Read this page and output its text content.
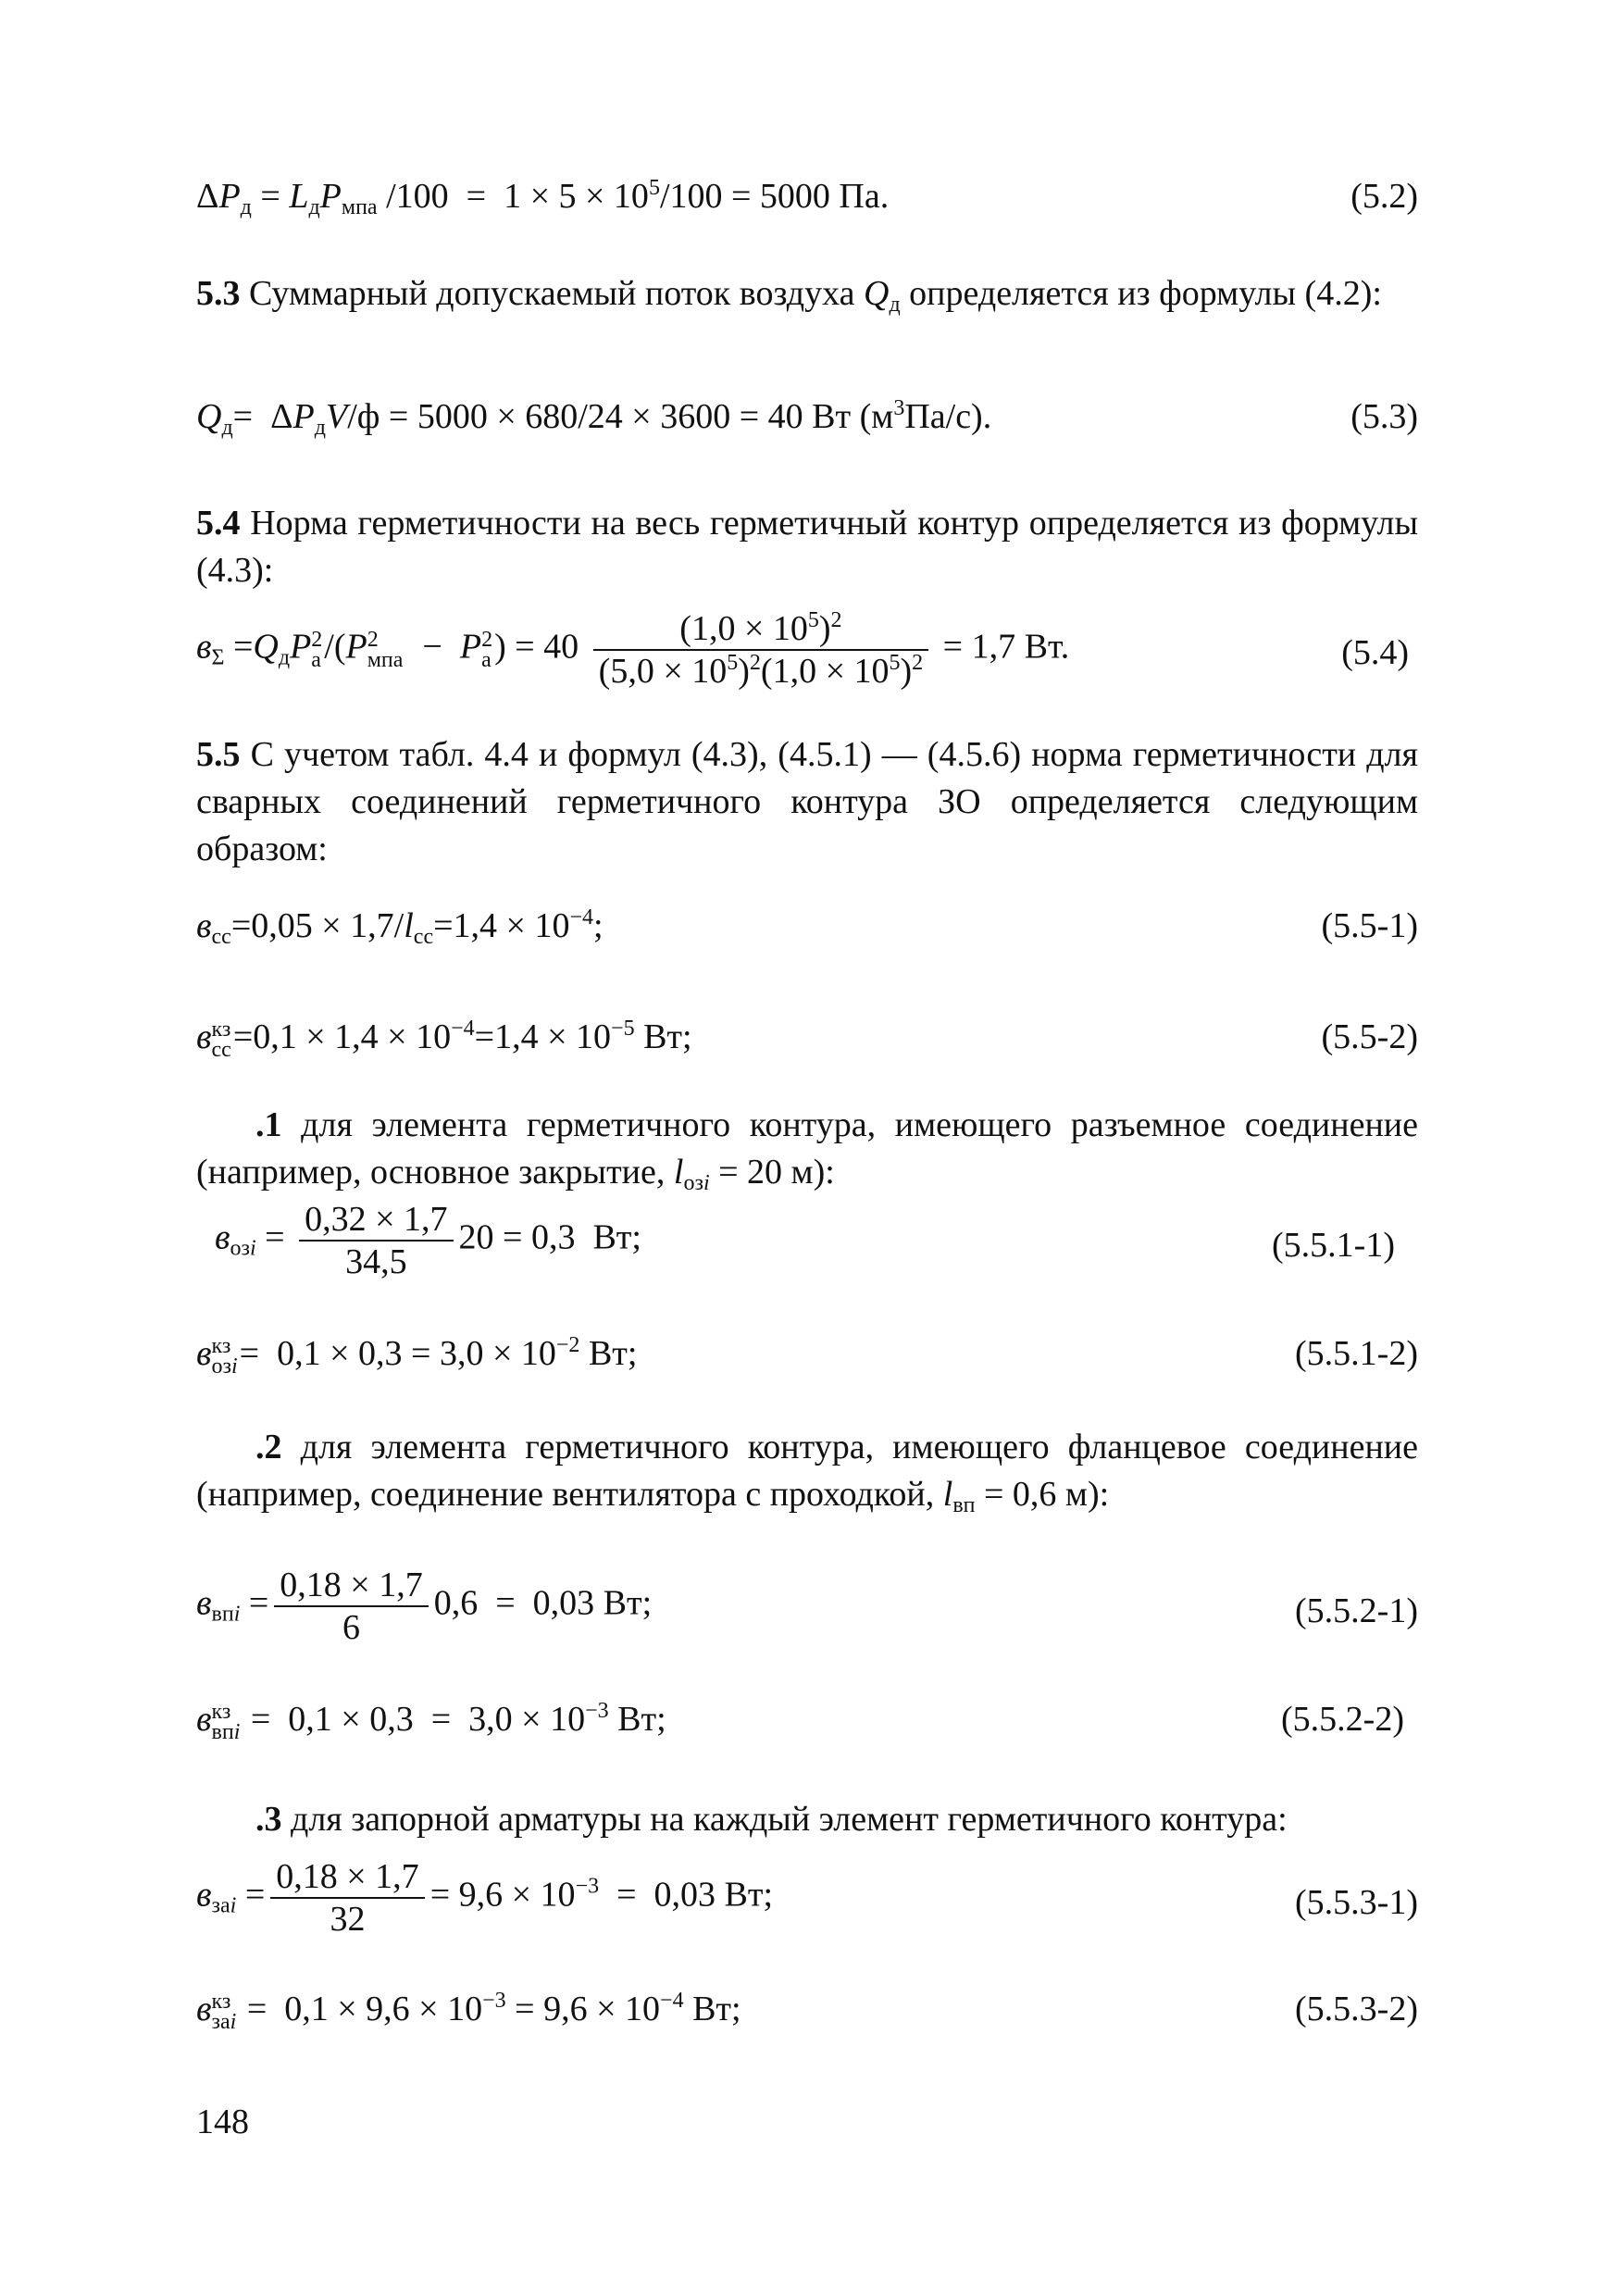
$\Delta P_д = L_дP_{мпа}$ $/100 = 1 \times 5 \times 10^5/100 = 5000$ Па.	(5.2)
5.3 Суммарный допускаемый поток воздуха $Q_д$ определяется из формулы (4.2):
$Q_д= \Delta P_дV/ф = 5000 \times 680/24 \times 3600 = 40$ Вт $(м^3Па/с)$.	(5.3)
5.4 Норма герметичности на весь герметичный контур определяется из формулы (4.3):
$в_\Sigma =Q_дP$ 2
а /(P 2
мпа −  P 2
а ) = $40 \frac{(1,0 \times 10^5)^2}{(5,0 \times 10^5)^2(1,0 \times 10^5)^2} = 1,7$ Вт.	(5.4)
5.5 С учетом табл. 4.4 и формул (4.3), (4.5.1) — (4.5.6) норма герметичности для сварных соединений герметичного контура ЗО определяется следующим образом:
$в_{сс}=0,05 \times 1,7/l_{сс}=1,4 \times 10^{-4}$;	(5.5-1)
в кз
сс $=0,1 \times 1,4 \times 10^{-4}=1,4 \times 10^{-5}$ Вт;	(5.5-2)
.1 для элемента герметичного контура, имеющего разъемное соединение (например, основное закрытие, $l_{озi} = 20$ м):
$в_{озi} = \frac{0,32 \times 1,7}{34,5} 20 = 0,3$  Вт;	(5.5.1-1)
в кз
озi =  $0,1 \times 0,3 = 3,0 \times 10^{-2}$ Вт;	(5.5.1-2)
.2 для элемента герметичного контура, имеющего фланцевое соединение (например, соединение вентилятора с проходкой, $l_{вп} = 0,6$ м):
$в_{впi} = \frac{0,18 \times 1,7}{6} 0,6 = 0,03$ Вт;	(5.5.2-1)
в кз
впi =  $0,1 \times 0,3 = 3,0 \times 10^{-3}$ Вт;	(5.5.2-2)
.3 для запорной арматуры на каждый элемент герметичного контура:
$в_{заi} = \frac{0,18 \times 1,7}{32} = 9,6 \times 10^{-3} = 0,03$ Вт;	(5.5.3-1)
в кз
заi =  $0,1 \times 9,6 \times 10^{-3} = 9,6 \times 10^{-4}$ Вт;	(5.5.3-2)
148
